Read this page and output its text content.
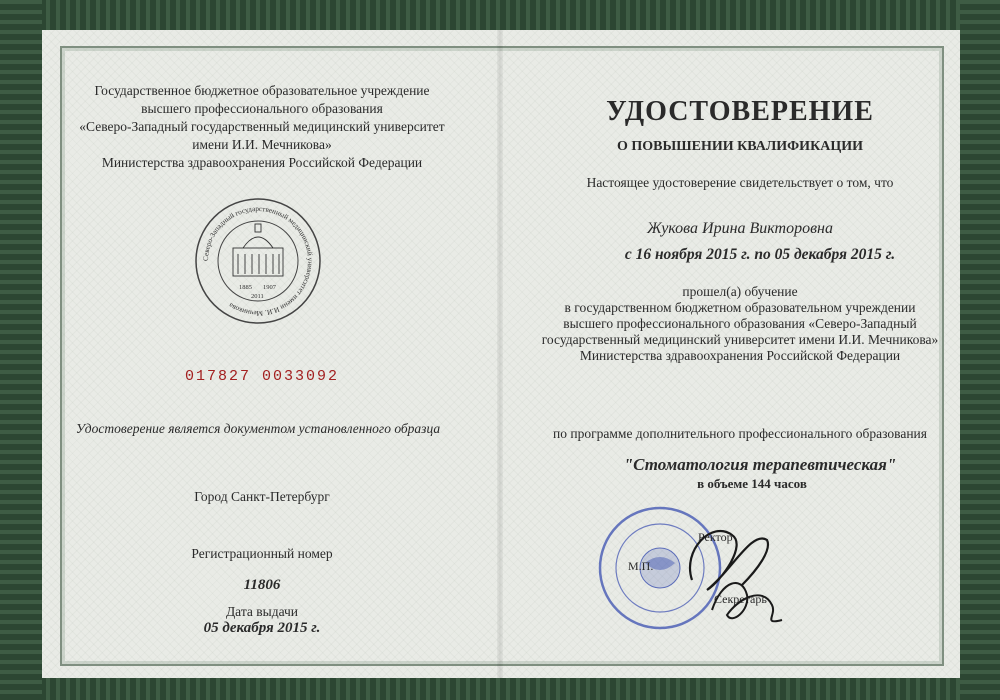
Государственное бюджетное образовательное учреждение
высшего профессионального образования
«Северо-Западный государственный медицинский университет
имени И.И. Мечникова»
Министерства здравоохранения Российской Федерации
Северо-Западный государственный медицинский университет имени И.И. Мечникова
1885 1907
2011
017827 0033092
Удостоверение является документом установленного образца
Город Санкт-Петербург
Регистрационный номер
11806
Дата выдачи
05 декабря 2015 г.
УДОСТОВЕРЕНИЕ
О ПОВЫШЕНИИ КВАЛИФИКАЦИИ
Настоящее удостоверение свидетельствует о том, что
Жукова Ирина Викторовна
с 16 ноября 2015 г. по 05 декабря 2015 г.
прошел(а) обучение
в государственном бюджетном образовательном учреждении
высшего профессионального образования «Северо-Западный
государственный медицинский университет имени И.И. Мечникова»
Министерства здравоохранения Российской Федерации
по программе дополнительного профессионального образования
"Стоматология терапевтическая"
в объеме 144 часов
М.П.
Ректор
Секретарь
